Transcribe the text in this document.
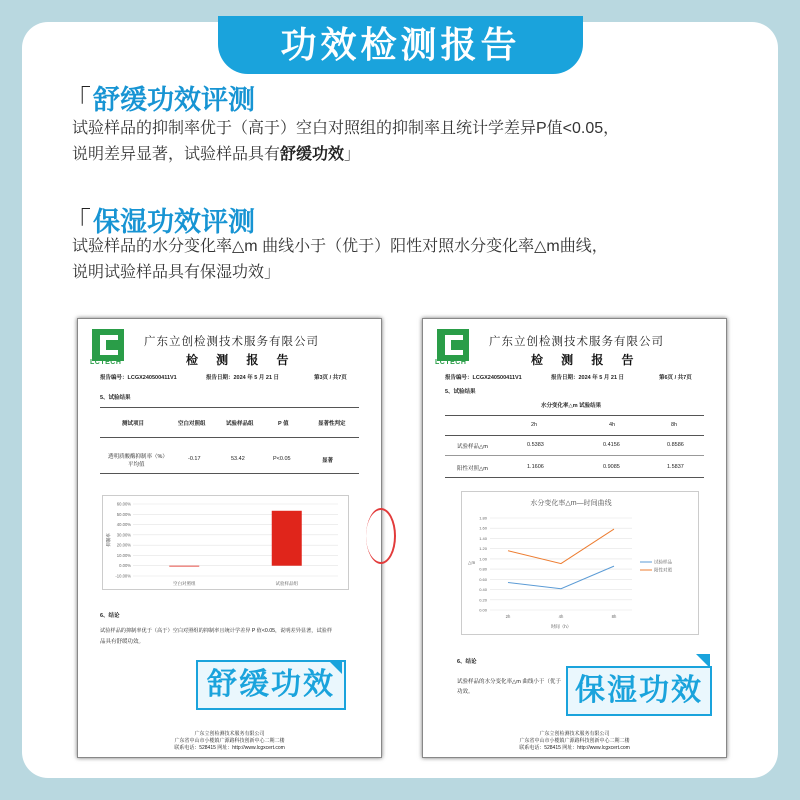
功效检测报告
「舒缓功效评测
试验样品的抑制率优于（高于）空白对照组的抑制率且统计学差异P值<0.05，
说明差异显著，试验样品具有舒缓功效」
「保湿功效评测
试验样品的水分变化率△m 曲线小于（优于）阳性对照水分变化率△m曲线，
说明试验样品具有保湿功效」
LCTECH
广东立创检测技术服务有限公司
检 测 报 告
报告编号：LCGX240500411V1	报告日期：2024 年 5 月 21 日	第3页 / 共7页
5、试验结果
测试项目	空白对照组	试验样品组	P 值	显著性判定
透明质酸酶抑制率（%）
平均值
-0.17	53.42	P<0.05	显著
60.00%
50.00%
40.00%
30.00%
20.00%
10.00%
0.00%
-10.00%
抑制率
空白对照组	试验样品组
6、结论
试验样品的抑制率优于（高于）空白对照组的抑制率且统计学差异 P 值<0.05，说明差异显著，试验样
品具有舒缓功效。
广东立创检测技术服务有限公司
广东省中山市小榄镇广源路科技创新中心二期二楼
联系电话：528415 网址：http://www.lcgxcert.com
LCTECH
广东立创检测技术服务有限公司
检 测 报 告
报告编号：LCGX240500411V1	报告日期：2024 年 5 月 21 日	第6页 / 共7页
5、试验结果
水分变化率△m 试验结果
2h	4h	8h
试验样品△m	0.5383	0.4156	0.8586
阳性对照△m	1.1606	0.9085	1.5837
水分变化率△m—时间曲线
1.80
1.60
1.40
1.20
1.00
0.80
0.60
0.40
0.20
0.00
△m
2h	4h	8h
时间（h）
试验样品
阳性对照
6、结论
试验样品的水分变化率△m 曲线小于（优于
功效。
广东立创检测技术服务有限公司
广东省中山市小榄镇广源路科技创新中心二期二楼
联系电话：528415 网址：http://www.lcgxcert.com
舒缓功效	保湿功效
